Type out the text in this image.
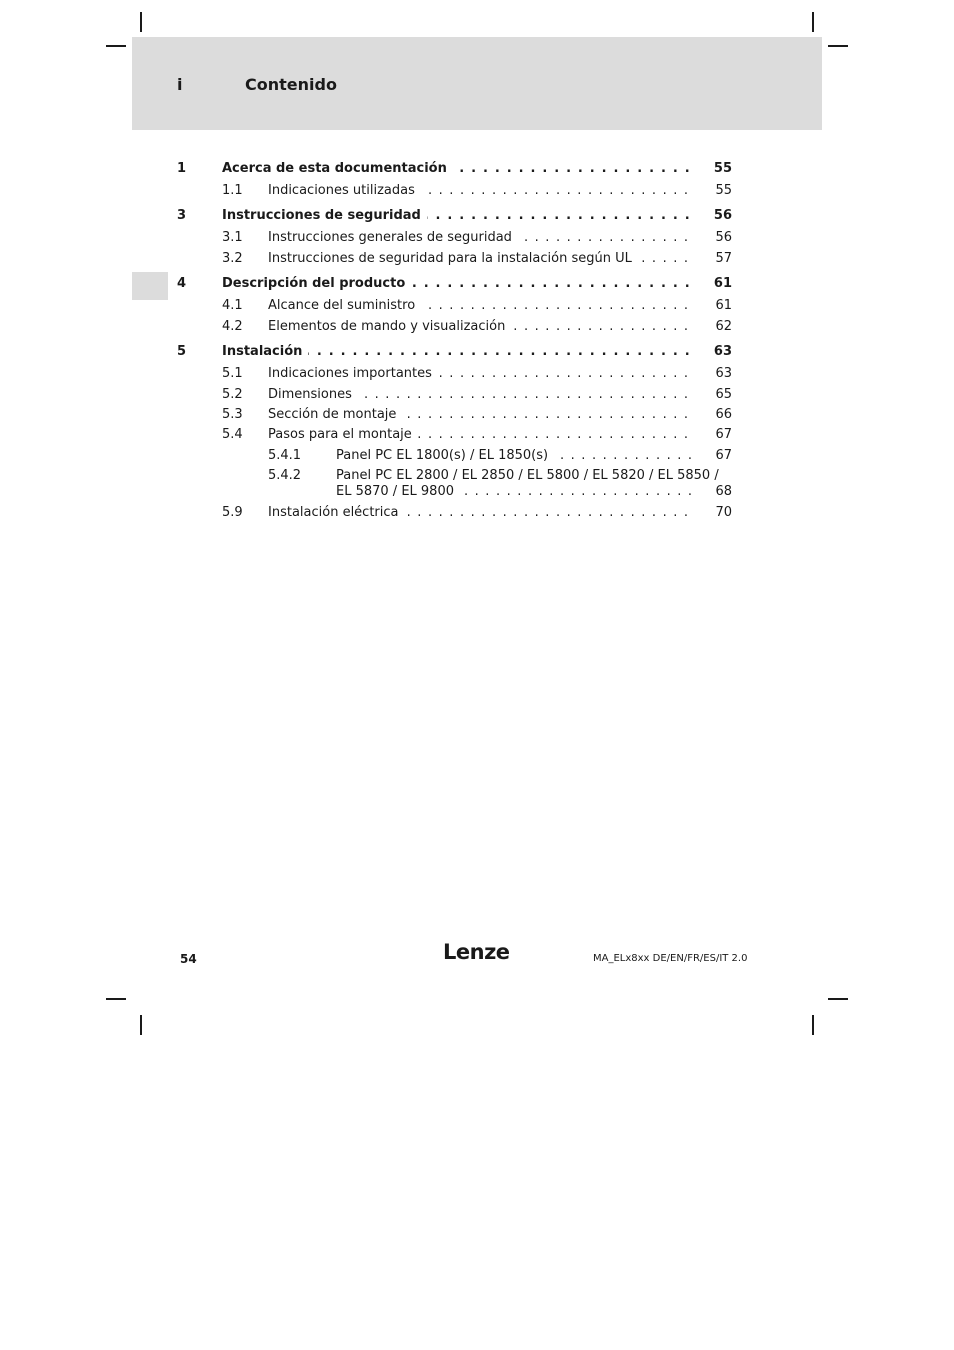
i	Contenido
1	Acerca de esta documentación . . .	55
1.1 Indicaciones utilizadas . . .	55
3	Instrucciones de seguridad . . .	56
3.1 Instrucciones generales de seguridad . . .	56
3.2 Instrucciones de seguridad para la instalación según UL . . .	57
4	Descripción del producto . . .	61
4.1 Alcance del suministro . . .	61
4.2 Elementos de mando y visualización . . .	62
5	Instalación . . .	63
5.1 Indicaciones importantes . . .	63
5.2 Dimensiones . . .	65
5.3 Sección de montaje . . .	66
5.4 Pasos para el montaje . . .	67
5.4.1	Panel PC EL 1800(s) / EL 1850(s) . . .	67
5.4.2	Panel PC EL 2800 / EL 2850 / EL 5800 / EL 5820 / EL 5850 /
EL 5870 / EL 9800 . . .	68
5.9 Instalación eléctrica . . .	70
54	Lenze	MA_ELx8xx DE/EN/FR/ES/IT 2.0
